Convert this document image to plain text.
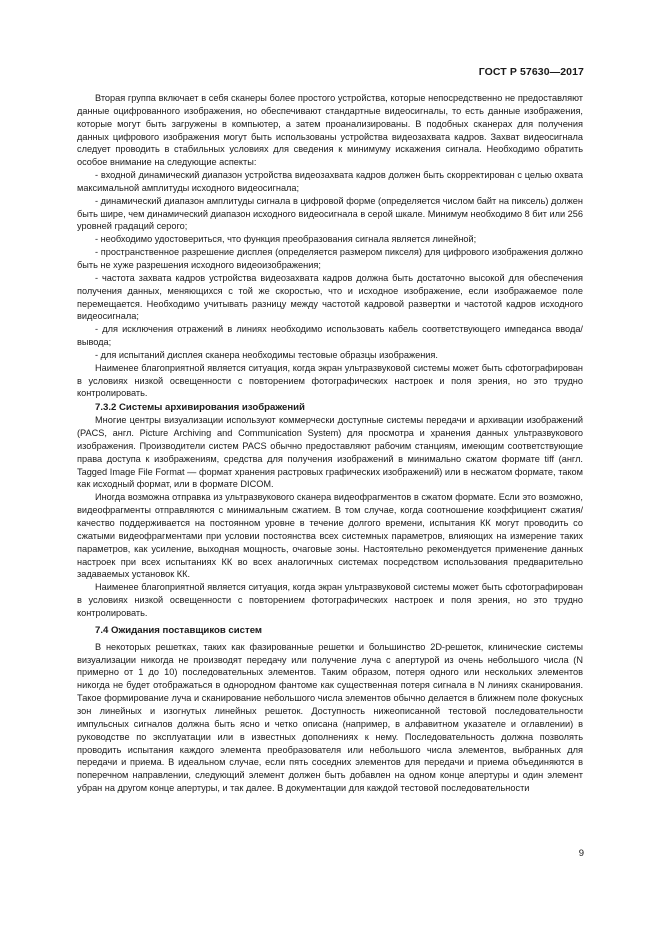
ГОСТ Р 57630—2017

Вторая группа включает в себя сканеры более простого устройства, которые непосредственно не предоставляют данные оцифрованного изображения, но обеспечивают стандартные видеосигналы, то есть данные изображения, которые могут быть загружены в компьютер, а затем проанализированы. В подобных сканерах для получения данных цифрового изображения могут быть использованы устройства видеозахвата кадров. Захват видеосигнала следует проводить в стабильных условиях для сведения к минимуму искажения сигнала. Необходимо обратить особое внимание на следующие аспекты:

- входной динамический диапазон устройства видеозахвата кадров должен быть скорректирован с целью охвата максимальной амплитуды исходного видеосигнала;

- динамический диапазон амплитуды сигнала в цифровой форме (определяется числом байт на пиксель) должен быть шире, чем динамический диапазон исходного видеосигнала в серой шкале. Минимум необходимо 8 бит или 256 уровней градаций серого;

- необходимо удостовериться, что функция преобразования сигнала является линейной;

- пространственное разрешение дисплея (определяется размером пикселя) для цифрового изображения должно быть не хуже разрешения исходного видеоизображения;

- частота захвата кадров устройства видеозахвата кадров должна быть достаточно высокой для обеспечения получения данных, меняющихся с той же скоростью, что и исходное изображение, если изображаемое поле перемещается. Необходимо учитывать разницу между частотой кадровой развертки и частотой кадров исходного видеосигнала;

- для исключения отражений в линиях необходимо использовать кабель соответствующего импеданса ввода/вывода;

- для испытаний дисплея сканера необходимы тестовые образцы изображения.

Наименее благоприятной является ситуация, когда экран ультразвуковой системы может быть сфотографирован в условиях низкой освещенности с повторением фотографических настроек и поля зрения, но это трудно контролировать.

7.3.2 Системы архивирования изображений

Многие центры визуализации используют коммерчески доступные системы передачи и архивации изображений (PACS, англ. Picture Archiving and Communication System) для просмотра и хранения данных ультразвукового изображения. Производители систем PACS обычно предоставляют рабочим станциям, имеющим соответствующие права доступа к изображениям, средства для получения изображений в минимально сжатом формате tiff (англ. Tagged Image File Format — формат хранения растровых графических изображений) или в несжатом формате, таком как исходный формат, или в формате DICOM.

Иногда возможна отправка из ультразвукового сканера видеофрагментов в сжатом формате. Если это возможно, видеофрагменты отправляются с минимальным сжатием. В том случае, когда соотношение коэффициент сжатия/качество поддерживается на постоянном уровне в течение долгого времени, испытания КК могут проводить со сжатыми видеофрагментами при условии постоянства всех системных параметров, влияющих на измерение таких параметров, как усиление, выходная мощность, очаговые зоны. Настоятельно рекомендуется применение данных настроек при всех испытаниях КК во всех аналогичных системах посредством использования предварительно задаваемых установок КК.

Наименее благоприятной является ситуация, когда экран ультразвуковой системы может быть сфотографирован в условиях низкой освещенности с повторением фотографических настроек и поля зрения, но это трудно контролировать.

7.4 Ожидания поставщиков систем

В некоторых решетках, таких как фазированные решетки и большинство 2D-решеток, клинические системы визуализации никогда не производят передачу или получение луча с апертурой из очень небольшого числа (N примерно от 1 до 10) последовательных элементов. Таким образом, потеря одного или нескольких элементов никогда не будет отображаться в однородном фантоме как существенная потеря сигнала в N линиях сканирования. Такое формирование луча и сканирование небольшого числа элементов обычно делается в ближнем поле фокусных зон линейных и изогнутых линейных решеток. Доступность нижеописанной тестовой последовательности импульсных сигналов должна быть ясно и четко описана (например, в алфавитном указателе и оглавлении) в руководстве по эксплуатации или в известных дополнениях к нему. Последовательность должна позволять проводить испытания каждого элемента преобразователя или небольшого числа элементов, выбранных для передачи и приема. В идеальном случае, если пять соседних элементов для передачи и приема объединяются в поперечном направлении, следующий элемент должен быть добавлен на одном конце апертуры и один элемент убран на другом конце апертуры, и так далее. В документации для каждой тестовой последовательности

9
